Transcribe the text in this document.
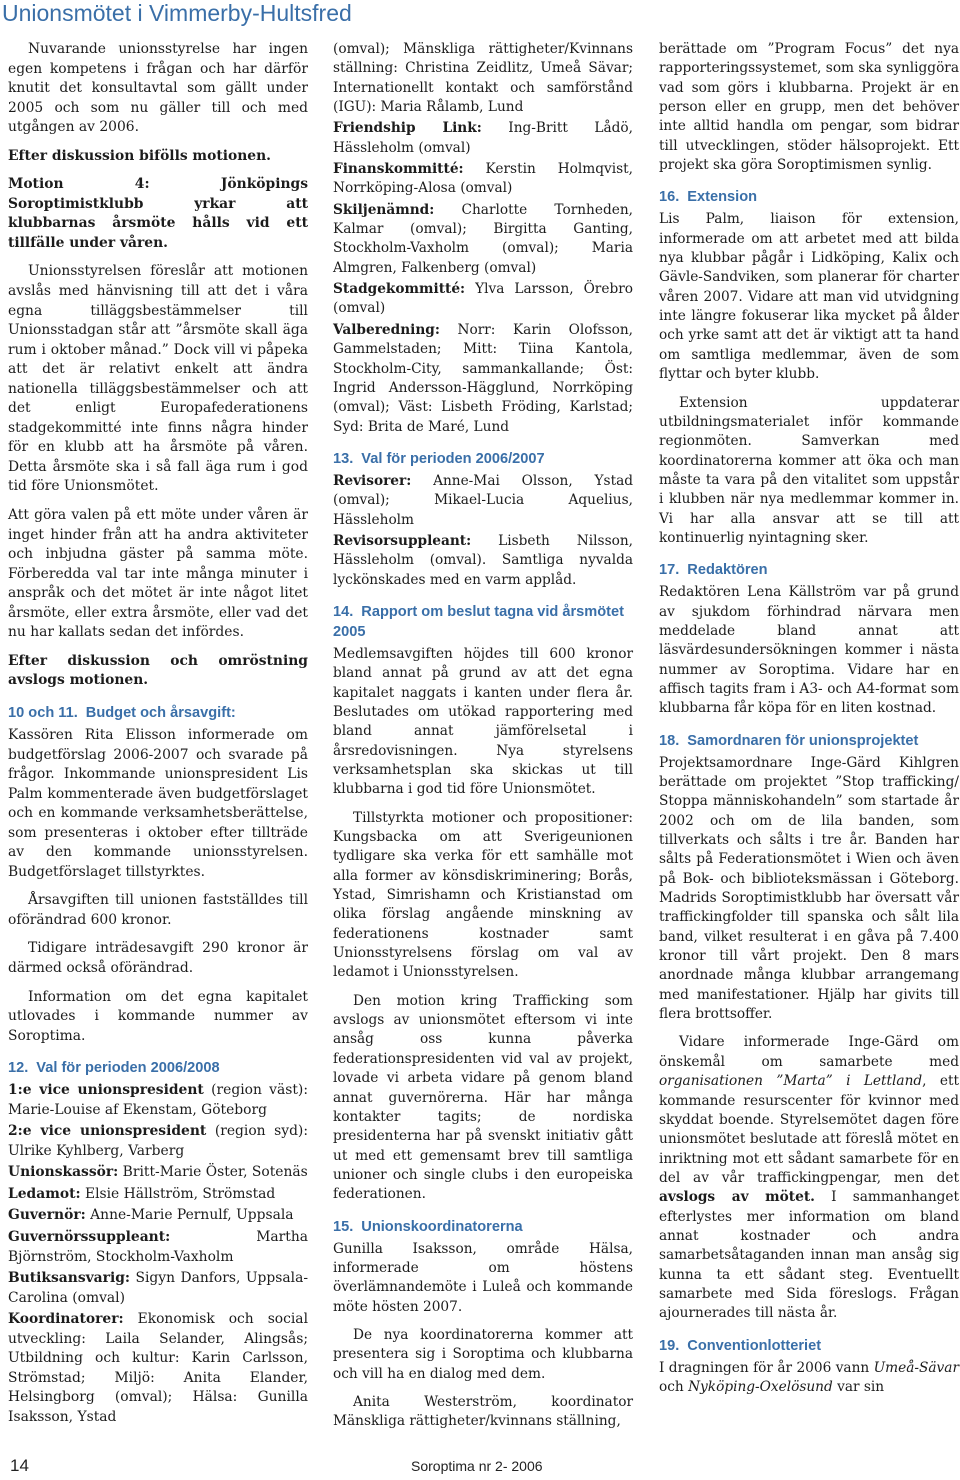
Unionsmötet i Vimmerby-Hultsfred

Nuvarande unionsstyrelse har ingen egen kompetens i frågan och har därför knutit det konsultavtal som gällt under 2005 och som nu gäller till och med utgången av 2006.

Efter diskussion bifölls motionen.

Motion 4: Jönköpings Soroptimistklubb yrkar att klubbarnas årsmöte hålls vid ett tillfälle under våren.

Unionsstyrelsen föreslår att motionen avslås med hänvisning till att det i våra egna tilläggsbestämmelser till Unionsstadgan står att ”årsmöte skall äga rum i oktober månad.” Dock vill vi påpeka att det är relativt enkelt att ändra nationella tilläggsbestämmelser och att det enligt Europafederationens stadgekommitté inte finns några hinder för en klubb att ha årsmöte på våren. Detta årsmöte ska i så fall äga rum i god tid före Unionsmötet.

Att göra valen på ett möte under våren är inget hinder från att ha andra aktiviteter och inbjudna gäster på samma möte. Förberedda val tar inte många minuter i anspråk och det mötet är inte något litet årsmöte, eller extra årsmöte, eller vad det nu har kallats sedan det infördes.

Efter diskussion och omröstning avslogs motionen.

10 och 11. Budget och årsavgift:

Kassören Rita Elisson informerade om budgetförslag 2006-2007 och svarade på frågor. Inkommande unionspresident Lis Palm kommenterade även budgetförslaget och en kommande verksamhetsberättelse, som presenteras i oktober efter tillträde av den kommande unionsstyrelsen. Budgetförslaget tillstyrktes.

Årsavgiften till unionen fastställdes till oförändrad 600 kronor.

Tidigare inträdesavgift 290 kronor är därmed också oförändrad.

Information om det egna kapitalet utlovades i kommande nummer av Soroptima.

12. Val för perioden 2006/2008

1:e vice unionspresident (region väst): Marie-Louise af Ekenstam, Göteborg

2:e vice unionspresident (region syd): Ulrike Kyhlberg, Varberg

Unionskassör: Britt-Marie Öster, Sotenäs

Ledamot: Elsie Hällström, Strömstad

Guvernör: Anne-Marie Pernulf, Uppsala

Guvernörssuppleant: Martha Björnström, Stockholm-Vaxholm

Butiksansvarig: Sigyn Danfors, Uppsala-Carolina (omval)

Koordinatorer: Ekonomisk och social utveckling: Laila Selander, Alingsås; Utbildning och kultur: Karin Carlsson, Strömstad; Miljö: Anita Elander, Helsingborg (omval); Hälsa: Gunilla Isaksson, Ystad

(omval); Mänskliga rättigheter/Kvinnans ställning: Christina Zeidlitz, Umeå Sävar; Internationellt kontakt och samförstånd (IGU): Maria Rålamb, Lund

Friendship Link: Ing-Britt Lådö, Hässleholm (omval)

Finanskommitté: Kerstin Holmqvist, Norrköping-Alosa (omval)

Skiljenämnd: Charlotte Tornheden, Kalmar (omval); Birgitta Ganting, Stockholm-Vaxholm (omval); Maria Almgren, Falkenberg (omval)

Stadgekommitté: Ylva Larsson, Örebro (omval)

Valberedning: Norr: Karin Olofsson, Gammelstaden; Mitt: Tiina Kantola, Stockholm-City, sammankallande; Öst: Ingrid Andersson-Hägglund, Norrköping (omval); Väst: Lisbeth Fröding, Karlstad; Syd: Brita de Maré, Lund

13. Val för perioden 2006/2007

Revisorer: Anne-Mai Olsson, Ystad (omval); Mikael-Lucia Aquelius, Hässleholm

Revisorsuppleant: Lisbeth Nilsson, Hässleholm (omval). Samtliga nyvalda lyckönskades med en varm applåd.

14. Rapport om beslut tagna vid årsmötet 2005

Medlemsavgiften höjdes till 600 kronor bland annat på grund av att det egna kapitalet naggats i kanten under flera år. Beslutades om utökad rapportering med bland annat jämförelsetal i årsredovisningen. Nya styrelsens verksamhetsplan ska skickas ut till klubbarna i god tid före Unionsmötet.

Tillstyrkta motioner och propositioner: Kungsbacka om att Sverigeunionen tydligare ska verka för ett samhälle mot alla former av könsdiskriminering; Borås, Ystad, Simrishamn och Kristianstad om olika förslag angående minskning av federationens kostnader samt Unionsstyrelsens förslag om val av ledamot i Unionsstyrelsen.

Den motion kring Trafficking som avslogs av unionsmötet eftersom vi inte ansåg oss kunna påverka federationspresidenten vid val av projekt, lovade vi arbeta vidare på genom bland annat guvernörerna. Här har många kontakter tagits; de nordiska presidenterna har på svenskt initiativ gått ut med ett gemensamt brev till samtliga unioner och single clubs i den europeiska federationen.

15. Unionskoordinatorerna

Gunilla Isaksson, område Hälsa, informerade om höstens överlämnandemöte i Luleå och kommande möte hösten 2007.

De nya koordinatorerna kommer att presentera sig i Soroptima och klubbarna och vill ha en dialog med dem.

Anita Westerström, koordinator Mänskliga rättigheter/kvinnans ställning,

berättade om ”Program Focus” det nya rapporteringssystemet, som ska synliggöra vad som görs i klubbarna. Projekt är en person eller en grupp, men det behöver inte alltid handla om pengar, som bidrar till utvecklingen, stöder hälsoprojekt. Ett projekt ska göra Soroptimismen synlig.

16. Extension

Lis Palm, liaison för extension, informerade om att arbetet med att bilda nya klubbar pågår i Lidköping, Kalix och Gävle-Sandviken, som planerar för charter våren 2007. Vidare att man vid utvidgning inte längre fokuserar lika mycket på ålder och yrke samt att det är viktigt att ta hand om samtliga medlemmar, även de som flyttar och byter klubb.

Extension uppdaterar utbildningsmaterialet inför kommande regionmöten. Samverkan med koordinatorerna kommer att öka och man måste ta vara på den vitalitet som uppstår i klubben när nya medlemmar kommer in. Vi har alla ansvar att se till att kontinuerlig nyintagning sker.

17. Redaktören

Redaktören Lena Källström var på grund av sjukdom förhindrad närvara men meddelade bland annat att läsvärdesundersökningen kommer i nästa nummer av Soroptima. Vidare har en affisch tagits fram i A3- och A4-format som klubbarna får köpa för en liten kostnad.

18. Samordnaren för unionsprojektet

Projektsamordnare Inge-Gärd Kihlgren berättade om projektet ”Stop trafficking/ Stoppa människohandeln” som startade år 2002 och om de lila banden, som tillverkats och sålts i tre år. Banden har sålts på Federationsmötet i Wien och även på Bok- och biblioteksmässan i Göteborg. Madrids Soroptimistklubb har översatt vår traffickingfolder till spanska och sålt lila band, vilket resulterat i en gåva på 7.400 kronor till vårt projekt. Den 8 mars anordnade många klubbar arrangemang med manifestationer. Hjälp har givits till flera brottsoffer.

Vidare informerade Inge-Gärd om önskemål om samarbete med organisationen ”Marta” i Lettland, ett kommande resurscenter för kvinnor med skyddat boende. Styrelsemötet dagen före unionsmötet beslutade att föreslå mötet en inriktning mot ett sådant samarbete för en del av vår traffickingpengar, men det avslogs av mötet. I sammanhanget efterlystes mer information om bland annat kostnader och andra samarbetsåtaganden innan man ansåg sig kunna ta ett sådant steg. Eventuellt samarbete med Sida föreslogs. Frågan ajournerades till nästa år.

19. Conventionlotteriet

I dragningen för år 2006 vann Umeå-Sävar och Nyköping-Oxelösund var sin

14	Soroptima nr 2- 2006
